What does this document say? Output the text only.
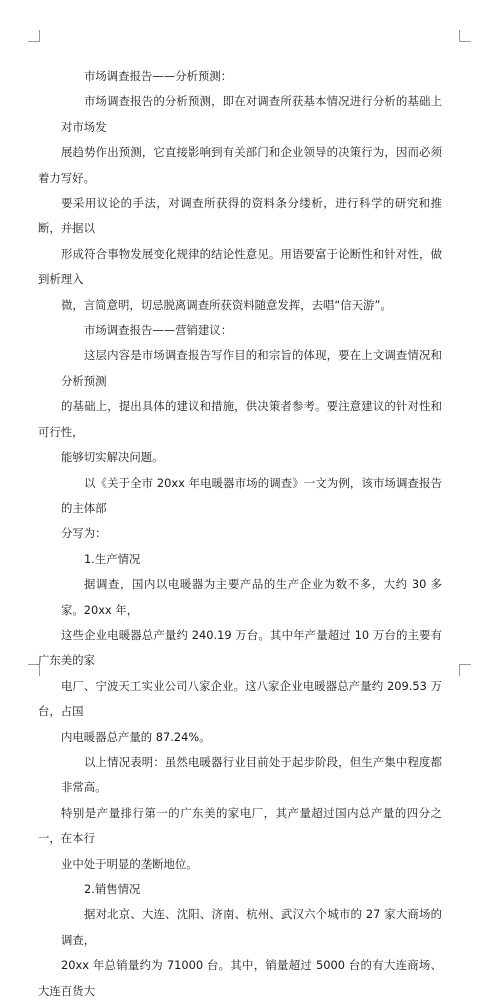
市场调查报告——分析预测：

市场调查报告的分析预测，即在对调查所获基本情况进行分析的基础上对市场发
展趋势作出预测，它直接影响到有关部门和企业领导的决策行为，因而必须着力写好。
要采用议论的手法，对调查所获得的资料条分缕析，进行科学的研究和推断，并据以
形成符合事物发展变化规律的结论性意见。用语要富于论断性和针对性，做到析理入
微，言简意明，切忌脱离调查所获资料随意发挥，去唱“信天游”。

市场调查报告——营销建议：

这层内容是市场调查报告写作目的和宗旨的体现，要在上文调查情况和分析预测
的基础上，提出具体的建议和措施，供决策者参考。要注意建议的针对性和可行性，
能够切实解决问题。

以《关于全市 20xx 年电暖器市场的调查》一文为例，该市场调查报告的主体部
分写为：

1.生产情况

据调查，国内以电暖器为主要产品的生产企业为数不多，大约 30 多家。20xx 年，
这些企业电暖器总产量约 240.19 万台。其中年产量超过 10 万台的主要有广东美的家
电厂、宁波天工实业公司八家企业。这八家企业电暖器总产量约 209.53 万台，占国
内电暖器总产量的 87.24%。

以上情况表明：虽然电暖器行业目前处于起步阶段，但生产集中程度都非常高。
特别是产量排行第一的广东美的家电厂，其产量超过国内总产量的四分之一，在本行
业中处于明显的垄断地位。

2.销售情况

据对北京、大连、沈阳、济南、杭州、武汉六个城市的 27 家大商场的调查，
20xx 年总销量约为 71000 台。其中，销量超过 5000 台的有大连商场、大连百货大
